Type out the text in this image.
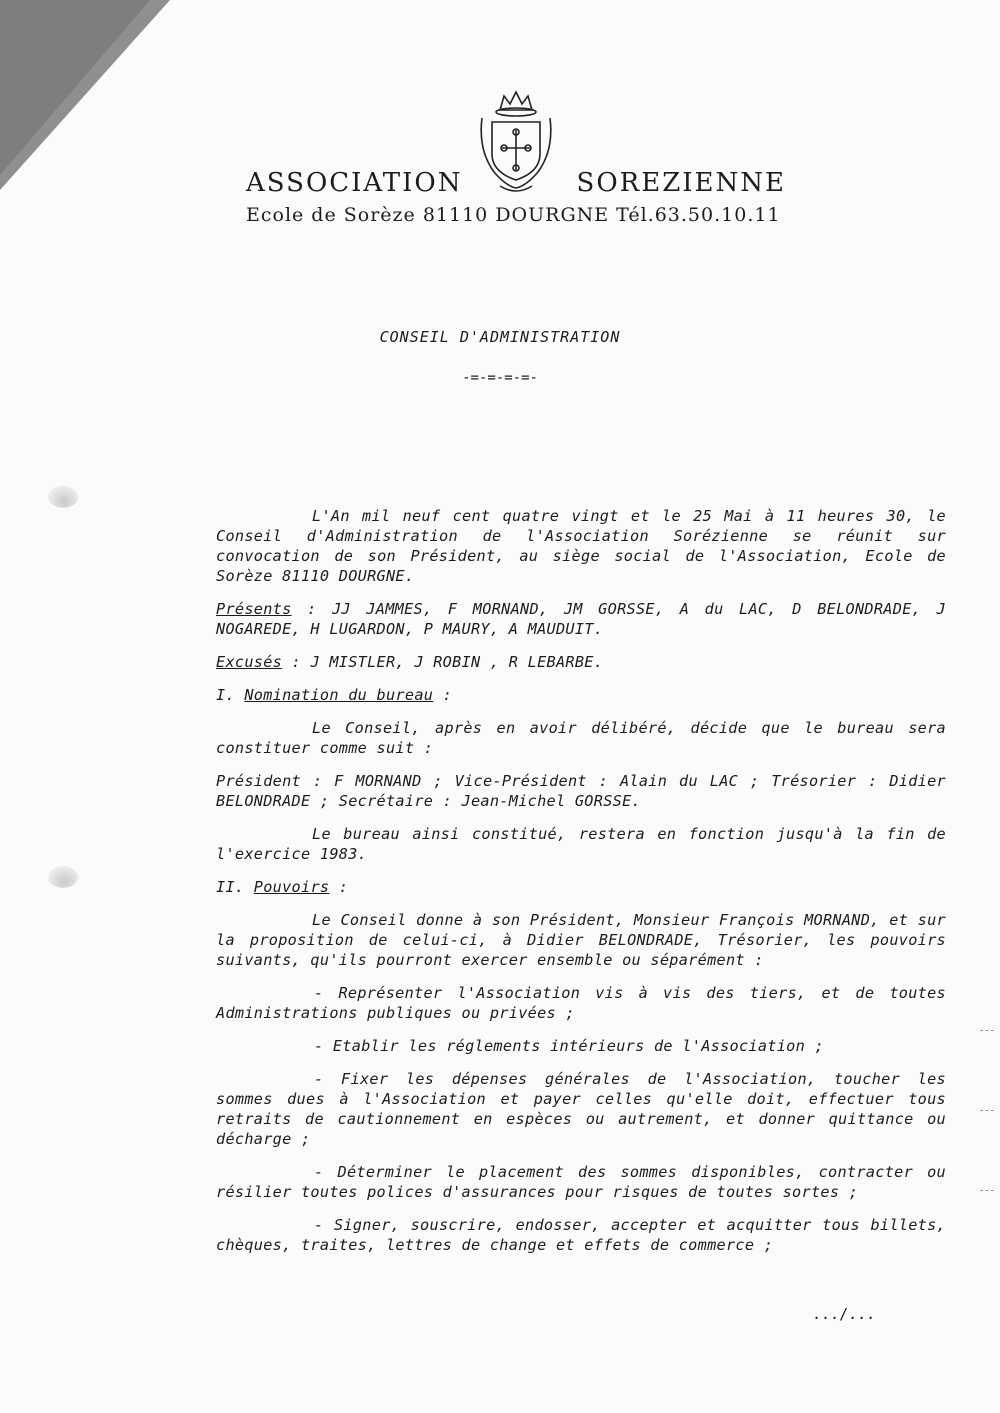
ASSOCIATION	SOREZIENNE
Ecole de Sorèze 81110 DOURGNE Tél.63.50.10.11
CONSEIL D'ADMINISTRATION
-=-=-=-=-

L'An mil neuf cent quatre vingt et le 25 Mai à 11 heures 30, le Conseil d'Administration de l'Association Sorézienne se réunit sur convocation de son Président, au siège social de l'Association, Ecole de Sorèze 81110 DOURGNE.

Présents : JJ JAMMES, F MORNAND, JM GORSSE, A du LAC, D BELONDRADE, J NOGAREDE, H LUGARDON, P MAURY, A MAUDUIT.

Excusés : J MISTLER, J ROBIN , R LEBARBE.

I. Nomination du bureau :

Le Conseil, après en avoir délibéré, décide que le bureau sera constituer comme suit :

Président : F MORNAND ; Vice-Président : Alain du LAC ; Trésorier : Didier BELONDRADE ; Secrétaire : Jean-Michel GORSSE.

Le bureau ainsi constitué, restera en fonction jusqu'à la fin de l'exercice 1983.

II. Pouvoirs :

Le Conseil donne à son Président, Monsieur François MORNAND, et sur la proposition de celui-ci, à Didier BELONDRADE, Trésorier, les pouvoirs suivants, qu'ils pourront exercer ensemble ou séparément :

- Représenter l'Association vis à vis des tiers, et de toutes Administrations publiques ou privées ;

- Etablir les réglements intérieurs de l'Association ;

- Fixer les dépenses générales de l'Association, toucher les sommes dues à l'Association et payer celles qu'elle doit, effectuer tous retraits de cautionnement en espèces ou autrement, et donner quittance ou décharge ;

- Déterminer le placement des sommes disponibles, contracter ou résilier toutes polices d'assurances pour risques de toutes sortes ;

- Signer, souscrire, endosser, accepter et acquitter tous billets, chèques, traites, lettres de change et effets de commerce ;

.../...
